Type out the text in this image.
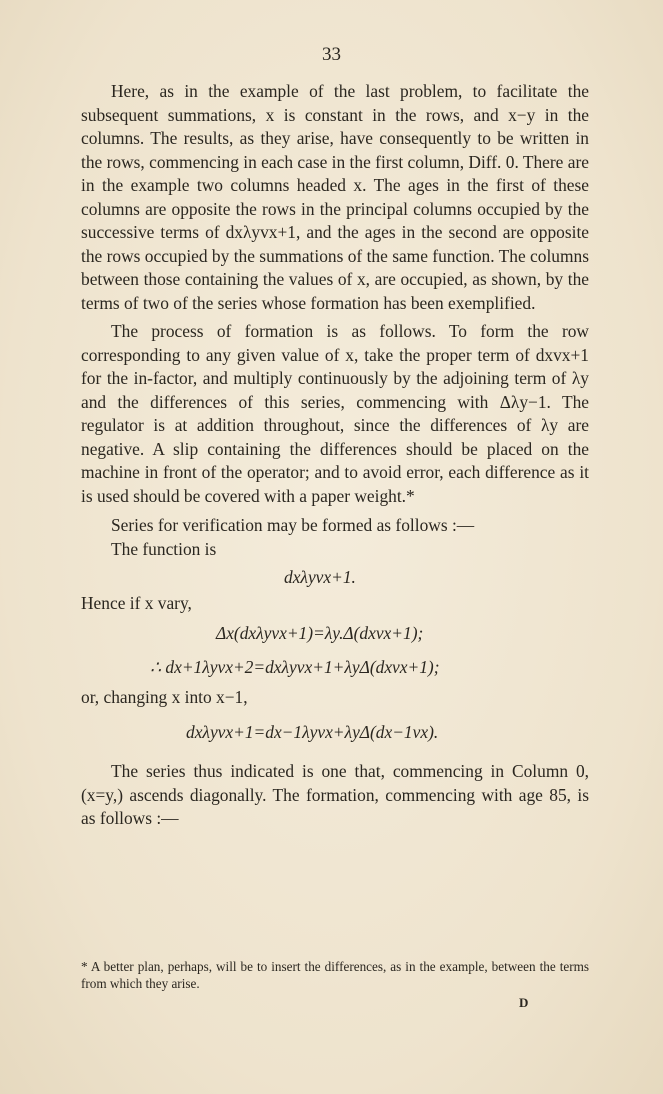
33

Here, as in the example of the last problem, to facilitate the subsequent summations, x is constant in the rows, and x−y in the columns. The results, as they arise, have consequently to be written in the rows, commencing in each case in the first column, Diff. 0. There are in the example two columns headed x. The ages in the first of these columns are opposite the rows in the principal columns occupied by the successive terms of dxλyvx+1, and the ages in the second are opposite the rows occupied by the summations of the same function. The columns between those containing the values of x, are occupied, as shown, by the terms of two of the series whose formation has been exemplified.

The process of formation is as follows. To form the row corresponding to any given value of x, take the proper term of dxvx+1 for the in-factor, and multiply continuously by the adjoining term of λy and the differences of this series, commencing with Δλy−1. The regulator is at addition throughout, since the differences of λy are negative. A slip containing the differences should be placed on the machine in front of the operator; and to avoid error, each difference as it is used should be covered with a paper weight.*

Series for verification may be formed as follows :—

The function is

dxλyvx+1.

Hence if x vary,

Δx(dxλyvx+1)=λy.Δ(dxvx+1);
∴ dx+1λyvx+2=dxλyvx+1+λyΔ(dxvx+1);

or, changing x into x−1,

dxλyvx+1=dx−1λyvx+λyΔ(dx−1vx).

The series thus indicated is one that, commencing in Column 0, (x=y,) ascends diagonally. The formation, commencing with age 85, is as follows :—

* A better plan, perhaps, will be to insert the differences, as in the example, between the terms from which they arise.

D
